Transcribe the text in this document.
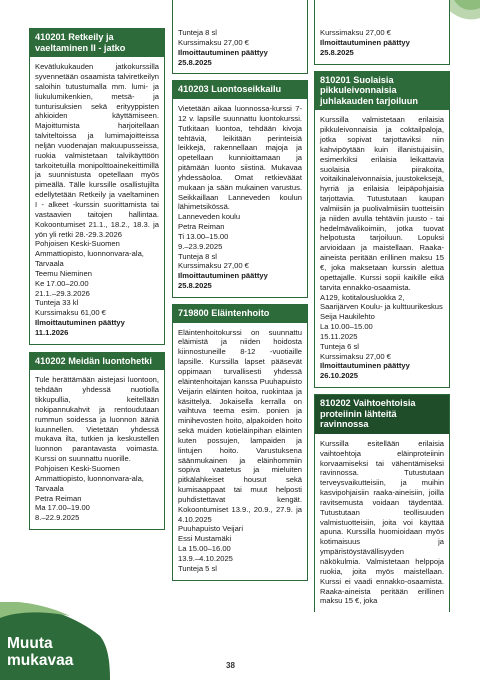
410201 Retkeily ja vaeltaminen II - jatko

Kevätlukukauden jatkokurssilla syvennetään osaamista talviretkeilyn saloihin tutustumalla mm. lumi- ja liukulumikenkien, metsä- ja tunturisuksien sekä erityyppisten ahkioiden käyttämiseen. Majoittumista harjoitellaan talviteltoissa ja lumimajoitteissa neljän vuodenajan makuupusseissa, ruokia valmistetaan talvikäyttöön tarkoitetuilla monipolttoainekeittimillä ja suunnistusta opetellaan myös pimeällä. Tälle kurssille osallistujilta edellytetään Retkeily ja vaeltaminen I - alkeet -kurssin suorittamista tai vastaavien taitojen hallintaa. Kokoontumiset 21.1., 18.2., 18.3. ja yön yli retki 28.-29.3.2026

Pohjoisen Keski-Suomen Ammattiopisto, luonnonvara-ala, Tarvaala
Teemu Nieminen
Ke 17.00–20.00
21.1.–29.3.2026
Tunteja 33 kl
Kurssimaksu 61,00 €
Ilmoittautuminen päättyy 11.1.2026
410202 Meidän luontohetki

Tule herättämään aistejasi luontoon, tehdään yhdessä nuotiolla tikkupullia, keitellään nokipannukahvit ja rentoudutaan rummun soidessa ja luonnon ääniä kuunnellen. Vietetään yhdessä mukava ilta, tutkien ja keskustellen luonnon parantavasta voimasta. Kurssi on suunnattu nuorille.

Pohjoisen Keski-Suomen Ammattiopisto, luonnonvara-ala, Tarvaala
Petra Reiman
Ma 17.00–19.00
8.–22.9.2025
Tunteja 8 sl
Kurssimaksu 27,00 €
Ilmoittautuminen päättyy 25.8.2025
410203 Luontoseikkailu

Vietetään aikaa luonnossa-kurssi 7-12 v. lapsille suunnattu luontokurssi. Tutkitaan luontoa, tehdään kivoja tehtäviä, leikitään perinteisiä leikkejä, rakennellaan majoja ja opetellaan kunnioittamaan ja pitämään luonto siistinä. Mukavaa yhdessäoloa. Omat retkievääat mukaan ja sään mukainen varustus. Seikkaillaan Lanneveden koulun lähimetsikössä.

Lanneveden koulu
Petra Reiman
Ti 13.00–15.00
9.–23.9.2025
Tunteja 8 sl
Kurssimaksu 27,00 €
Ilmoittautuminen päättyy 25.8.2025
719800 Eläintenhoito

Eläintenhoitokurssi on suunnattu eläimistä ja niiden hoidosta kiinnostuneille 8-12 -vuotiaille lapsille. Kurssilla lapset pääsevät oppimaan turvallisesti yhdessä eläintenhoitajan kanssa Puuhapuisto Veijarin eläinten hoitoa, ruokintaa ja käsittelyä. Jokaisella kerralla on vaihtuva teema esim. ponien ja minihevosten hoito, alpakoiden hoito sekä muiden kotieläinpihan eläinten kuten possujen, lampaiden ja lintujen hoito. Varustuksena säänmukainen ja eläinhommiin sopiva vaatetus ja mieluiten pitkälahkeiset housut sekä kumisaappaat tai muut helposti puhdistettavat kengät. Kokoontumiset 13.9., 20.9., 27.9. ja 4.10.2025

Puuhapuisto Veijari
Essi Mustamäki
La 15.00–16.00
13.9.–4.10.2025
Tunteja 5 sl
Kurssimaksu 27,00 €
Ilmoittautuminen päättyy 25.8.2025
810201 Suolaisia pikkuleivonnaisia juhlakauden tarjoiluun

Kurssilla valmistetaan erilaisia pikkuleivonnaisia ja coktailpaloja, jotka sopivat tarjottaviksi niin kahvipöytään kuin illanistujaisiin, esimerkiksi erilaisia leikattavia suolaisia piirakoita, voitaikinaleivonnaisia, juustokeksejä, hyrriä ja erilaisia leipäpohjaisia tarjottavia. Tutustutaan kaupan valmiisiin ja puolivalmiisiin tuotteisiin ja niiden avulla tehtäviin juusto - tai hedelmävalikoimiin, jotka tuovat helpotusta tarjoiluun. Lopuksi arvioidaan ja maistellaan. Raaka-aineista peritään erillinen maksu 15 €, joka maksetaan kurssin alettua opettajalle. Kurssi sopii kaikille eikä tarvita ennakko-osaamista.

A129, kotitalousluokka 2, Saarijärven Koulu- ja kulttuurikeskus
Seija Haukilehto
La 10.00–15.00
15.11.2025
Tunteja 6 sl
Kurssimaksu 27,00 €
Ilmoittautuminen päättyy 26.10.2025
810202 Vaihtoehtoisia proteiinin lähteitä ravinnossa

Kurssilla esitellään erilaisia vaihtoehtoja eläinproteiinin korvaamiseksi tai vähentämiseksi ravinnossa. Tutustutaan terveysvaikutteisiin, ja muihin kasvipohjaisiin raaka-aineisiin, joilla ravitsemusta voidaan täydentää. Tutustutaan teollisuuden valmistuotteisiin, joita voi käyttää apuna. Kurssilla huomioidaan myös kotimaisuus ja ympäristöystävällisyyden näkökulmia. Valmistetaan helppoja ruokia, joita myös maistellaan. Kurssi ei vaadi ennakko-osaamista. Raaka-aineista peritään erillinen maksu 15 €, joka

Muuta
mukavaa	38
